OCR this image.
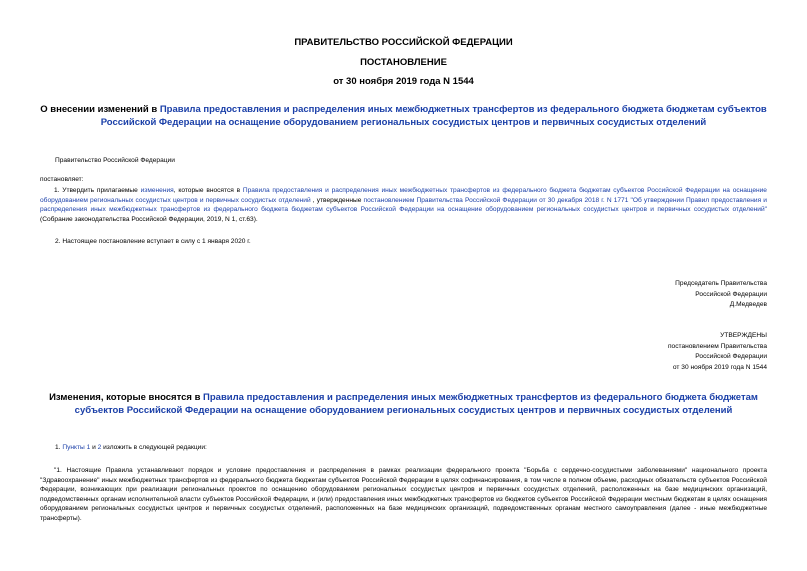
ПРАВИТЕЛЬСТВО РОССИЙСКОЙ ФЕДЕРАЦИИ
ПОСТАНОВЛЕНИЕ
от 30 ноября 2019 года N 1544
О внесении изменений в Правила предоставления и распределения иных межбюджетных трансфертов из федерального бюджета бюджетам субъектов Российской Федерации на оснащение оборудованием региональных сосудистых центров и первичных сосудистых отделений
Правительство Российской Федерации
постановляет:
1. Утвердить прилагаемые изменения, которые вносятся в Правила предоставления и распределения иных межбюджетных трансфертов из федерального бюджета бюджетам субъектов Российской Федерации на оснащение оборудованием региональных сосудистых центров и первичных сосудистых отделений , утвержденные постановлением Правительства Российской Федерации от 30 декабря 2018 г. N 1771 "Об утверждении Правил предоставления и распределения иных межбюджетных трансфертов из федерального бюджета бюджетам субъектов Российской Федерации на оснащение оборудованием региональных сосудистых центров и первичных сосудистых отделений" (Собрание законодательства Российской Федерации, 2019, N 1, ст.63).
2. Настоящее постановление вступает в силу с 1 января 2020 г.
Председатель Правительства
Российской Федерации
Д.Медведев
УТВЕРЖДЕНЫ
постановлением Правительства
Российской Федерации
от 30 ноября 2019 года N 1544
Изменения, которые вносятся в Правила предоставления и распределения иных межбюджетных трансфертов из федерального бюджета бюджетам субъектов Российской Федерации на оснащение оборудованием региональных сосудистых центров и первичных сосудистых отделений
1. Пункты 1 и 2 изложить в следующей редакции:
"1. Настоящие Правила устанавливают порядок и условие предоставления и распределения в рамках реализации федерального проекта "Борьба с сердечно-сосудистыми заболеваниями" национального проекта "Здравоохранение" иных межбюджетных трансфертов из федерального бюджета бюджетам субъектов Российской Федерации в целях софинансирования, в том числе в полном объеме, расходных обязательств субъектов Российской Федерации, возникающих при реализации региональных проектов по оснащению оборудованием региональных сосудистых центров и первичных сосудистых отделений, расположенных на базе медицинских организаций, подведомственных органам исполнительной власти субъектов Российской Федерации, и (или) предоставления иных межбюджетных трансфертов из бюджетов субъектов Российской Федерации местным бюджетам в целях оснащения оборудованием региональных сосудистых центров и первичных сосудистых отделений, расположенных на базе медицинских организаций, подведомственных органам местного самоуправления (далее - иные межбюджетные трансферты).
